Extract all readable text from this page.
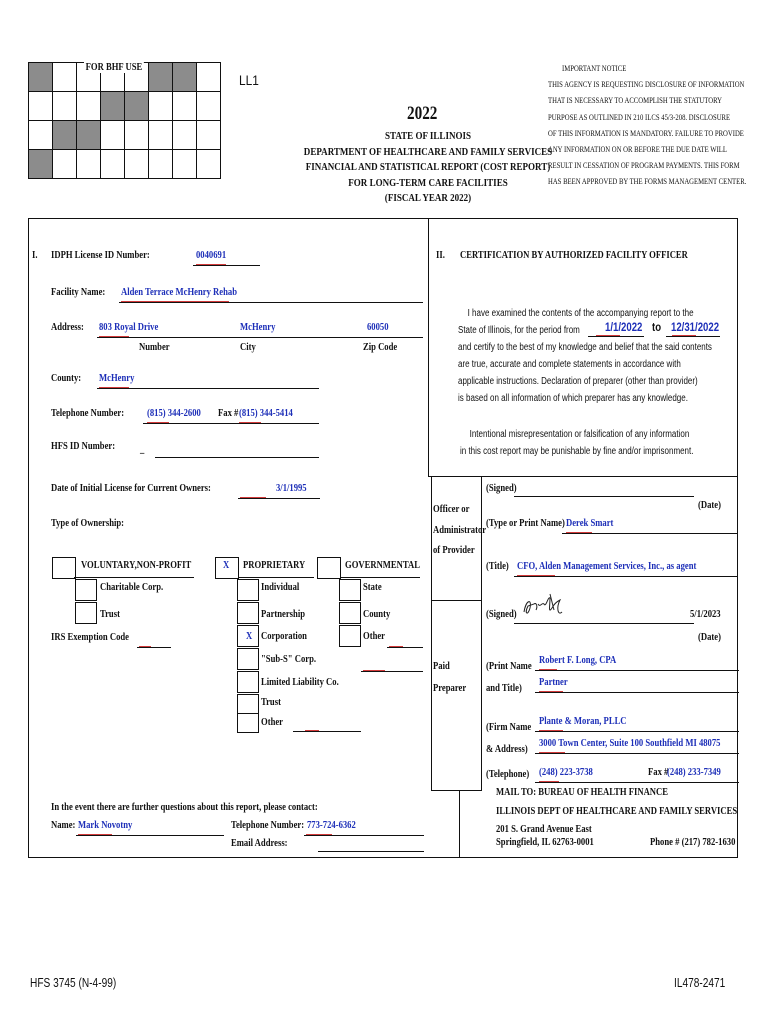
FOR BHF USE
LL1
2022
STATE OF ILLINOIS
DEPARTMENT OF HEALTHCARE AND FAMILY SERVICES
FINANCIAL AND STATISTICAL REPORT (COST REPORT)
FOR LONG-TERM CARE FACILITIES
(FISCAL YEAR 2022)
IMPORTANT NOTICE
THIS AGENCY IS REQUESTING DISCLOSURE OF INFORMATION
THAT IS NECESSARY TO ACCOMPLISH THE STATUTORY
PURPOSE AS OUTLINED IN 210 ILCS 45/3-208. DISCLOSURE
OF THIS INFORMATION IS MANDATORY. FAILURE TO PROVIDE
ANY INFORMATION ON OR BEFORE THE DUE DATE WILL
RESULT IN CESSATION OF PROGRAM PAYMENTS. THIS FORM
HAS BEEN APPROVED BY THE FORMS MANAGEMENT CENTER.
I. IDPH License ID Number:	0040691
Facility Name: Alden Terrace McHenry Rehab
Address: 803 Royal Drive	McHenry	60050
Number	City	Zip Code
County: McHenry
Telephone Number: (815) 344-2600 Fax # (815) 344-5414
HFS ID Number: _
Date of Initial License for Current Owners:	3/1/1995
Type of Ownership:
VOLUNTARY,NON-PROFIT
Charitable Corp.
Trust
IRS Exemption Code
X PROPRIETARY
Individual
Partnership
X Corporation
"Sub-S" Corp.
Limited Liability Co.
Trust
Other
GOVERNMENTAL
State
County
Other
In the event there are further questions about this report, please contact:
Name: Mark Novotny	Telephone Number: 773-724-6362
Email Address:
II. CERTIFICATION BY AUTHORIZED FACILITY OFFICER
I have examined the contents of the accompanying report to the
State of Illinois, for the period from
and certify to the best of my knowledge and belief that the said contents
are true, accurate and complete statements in accordance with
applicable instructions. Declaration of preparer (other than provider)
is based on all information of which preparer has any knowledge.
1/1/2022 to 12/31/2022
Intentional misrepresentation or falsification of any information
in this cost report may be punishable by fine and/or imprisonment.
Officer or
Administrator
of Provider
(Signed)
(Date)
(Type or Print Name) Derek Smart
(Title) CFO, Alden Management Services, Inc., as agent
(Signed)	5/1/2023
(Date)
Paid
Preparer
(Print Name
and Title)
Robert F. Long, CPA
Partner
(Firm Name
& Address)
Plante & Moran, PLLC
3000 Town Center, Suite 100 Southfield MI 48075
(Telephone) (248) 223-3738	Fax #
(248) 233-7349
MAIL TO: BUREAU OF HEALTH FINANCE
ILLINOIS DEPT OF HEALTHCARE AND FAMILY SERVICES
201 S. Grand Avenue East
Springfield, IL 62763-0001	Phone # (217) 782-1630
HFS 3745 (N-4-99)	IL478-2471
